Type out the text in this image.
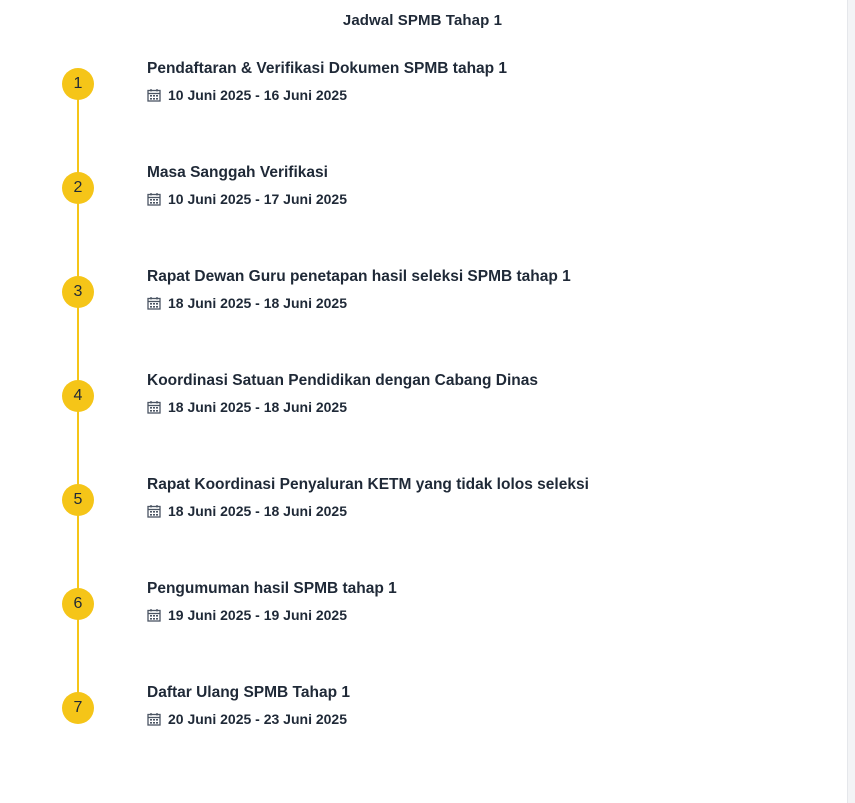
Jadwal SPMB Tahap 1
1
Pendaftaran & Verifikasi Dokumen SPMB tahap 1
10 Juni 2025 - 16 Juni 2025
2
Masa Sanggah Verifikasi
10 Juni 2025 - 17 Juni 2025
3
Rapat Dewan Guru penetapan hasil seleksi SPMB tahap 1
18 Juni 2025 - 18 Juni 2025
4
Koordinasi Satuan Pendidikan dengan Cabang Dinas
18 Juni 2025 - 18 Juni 2025
5
Rapat Koordinasi Penyaluran KETM yang tidak lolos seleksi
18 Juni 2025 - 18 Juni 2025
6
Pengumuman hasil SPMB tahap 1
19 Juni 2025 - 19 Juni 2025
7
Daftar Ulang SPMB Tahap 1
20 Juni 2025 - 23 Juni 2025
